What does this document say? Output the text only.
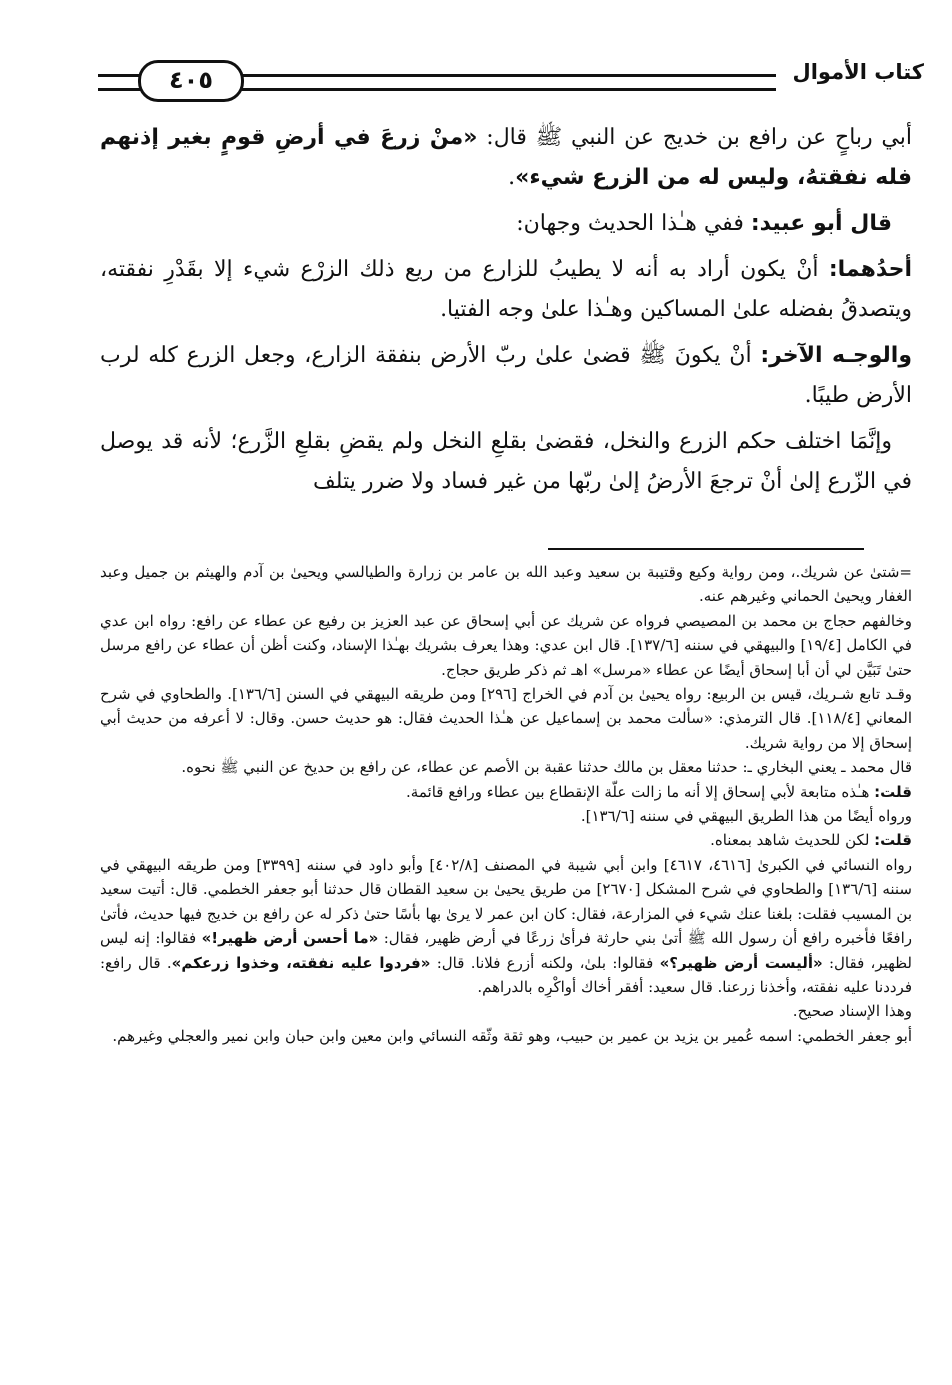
كتاب الأموال
٤٠٥

أبي رباحٍ عن رافع بن خديج عن النبي ﷺ قال: «منْ زرعَ في أرضِ قومٍ بغير إذنهم فله نفقتهُ، وليس له من الزرع شيء».

قال أبو عبيد: ففي هـٰذا الحديث وجهان:

أحدُهما: أنْ يكون أراد به أنه لا يطيبُ للزارع من ريع ذلك الزرْع شيء إلا بقَدْرِ نفقته، ويتصدقُ بفضله علىٰ المساكين وهـٰذا علىٰ وجه الفتيا.

والوجـه الآخر: أنْ يكونَ ﷺ قضىٰ علىٰ ربّ الأرض بنفقة الزارع، وجعل الزرع كله لرب الأرض طيبًا.

وإنَّمَا اختلف حكم الزرع والنخل، فقضىٰ بقلعِ النخل ولم يقضِ بقلعِ الزَّرع؛ لأنه قد يوصل في الزّرع إلىٰ أنْ ترجعَ الأرضُ إلىٰ ربّها من غير فساد ولا ضرر يتلف

=شتىٰ عن شريك.، ومن رواية وكيع وقتيبة بن سعيد وعبد الله بن عامر بن زرارة والطيالسي ويحيىٰ بن آدم والهيثم بن جميل وعبد الغفار ويحيىٰ الحماني وغيرهم عنه.

وخالفهم حجاج بن محمد بن المصيصي فرواه عن شريك عن أبي إسحاق عن عبد العزيز بن رفيع عن عطاء عن رافع: رواه ابن عدي في الكامل [١٩/٤] والبيهقي في سننه [١٣٧/٦]. قال ابن عدي: وهذا يعرف بشريك بهـٰذا الإسناد، وكنت أظن أن عطاء عن رافع مرسل حتىٰ تَبَيَّن لي أن أبا إسحاق أيضًا عن عطاء «مرسل» اهـ ثم ذكر طريق حجاج.

وقـد تابع شـريك، قيس بن الربيع: رواه يحيىٰ بن آدم في الخراج [٢٩٦] ومن طريقه البيهقي في السنن [١٣٦/٦]. والطحاوي في شرح المعاني [١١٨/٤]. قال الترمذي: «سألت محمد بن إسماعيل عن هـٰذا الحديث فقال: هو حديث حسن. وقال: لا أعرفه من حديث أبي إسحاق إلا من رواية شريك.

قال محمد ـ يعني البخاري ـ: حدثنا معقل بن مالك حدثنا عقبة بن الأصم عن عطاء، عن رافع بن حديخ عن النبي ﷺ نحوه.

قلت: هـٰذه متابعة لأبي إسحاق إلا أنه ما زالت علّة الإنقطاع بين عطاء ورافع قائمة.

ورواه أيضًا من هذا الطريق البيهقي في سننه [١٣٦/٦].

قلت: لكن للحديث شاهد بمعناه.

رواه النسائي في الكبرىٰ [٤٦١٦، ٤٦١٧] وابن أبي شيبة في المصنف [٤٠٢/٨] وأبو داود في سننه [٣٣٩٩] ومن طريقه البيهقي في سننه [١٣٦/٦] والطحاوي في شرح المشكل [٢٦٧٠] من طريق يحيىٰ بن سعيد القطان قال حدثنا أبو جعفر الخطمي. قال: أتيت سعيد بن المسيب فقلت: بلغنا عنك شيء في المزارعة، فقال: كان ابن عمر لا يرىٰ بها بأسًا حتىٰ ذكر له عن رافع بن خديج فيها حديث، فأتىٰ رافعًا فأخبره رافع أن رسول الله ﷺ أتىٰ بني حارثة فرأىٰ زرعًا في أرض ظهير، فقال: «ما أحسن أرض ظهير!» فقالوا: إنه ليس لظهير، فقال: «أليست أرض ظهير؟» فقالوا: بلىٰ، ولكنه أزرع فلانا. قال: «فردوا عليه نفقته، وخذوا زرعكم». قال رافع: فرددنا عليه نفقته، وأخذنا زرعنا. قال سعيد: أفقر أخاك أواكْرِه بالدراهم.

وهذا الإسناد صحيح.

أبو جعفر الخطمي: اسمه عُمير بن يزيد بن عمير بن حبيب، وهو ثقة وثّقه النسائي وابن معين وابن حبان وابن نمير والعجلي وغيرهم.
